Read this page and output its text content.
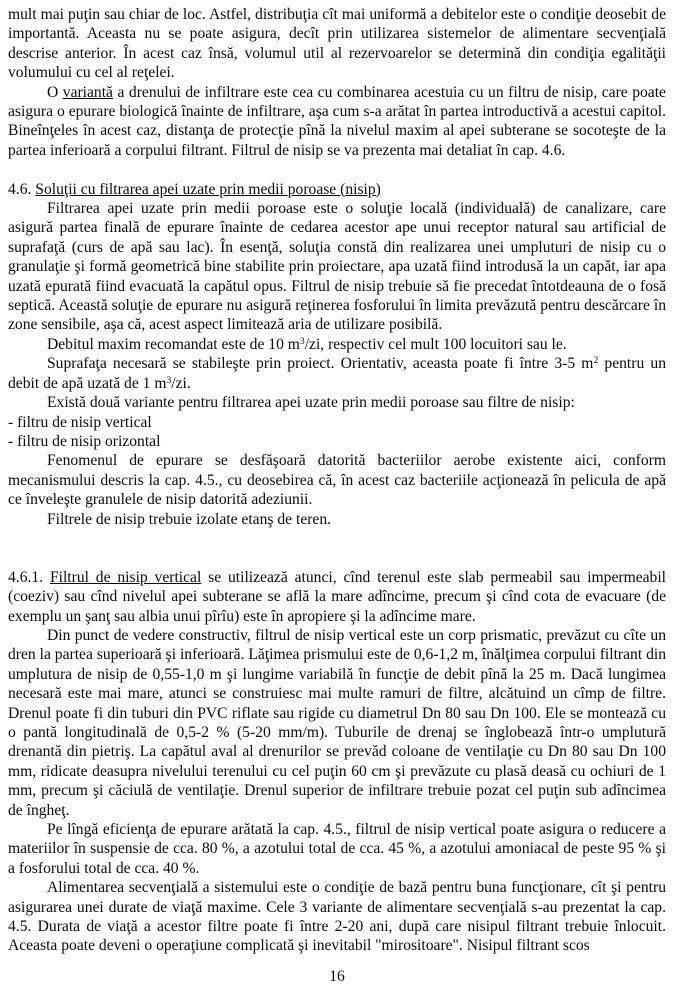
mult mai puţin sau chiar de loc. Astfel, distribuţia cît mai uniformă a debitelor este o condiţie deosebit de importantă. Aceasta nu se poate asigura, decît prin utilizarea sistemelor de alimentare secvenţială descrise anterior. În acest caz însă, volumul util al rezervoarelor se determină din condiţia egalităţii volumului cu cel al reţelei.

O variantă a drenului de infiltrare este cea cu combinarea acestuia cu un filtru de nisip, care poate asigura o epurare biologică înainte de infiltrare, aşa cum s-a arătat în partea introductivă a acestui capitol. Bineînţeles în acest caz, distanţa de protecţie pînă la nivelul maxim al apei subterane se socoteşte de la partea inferioară a corpului filtrant. Filtrul de nisip se va prezenta mai detaliat în cap. 4.6.

4.6. Soluţii cu filtrarea apei uzate prin medii poroase (nisip)

Filtrarea apei uzate prin medii poroase este o soluţie locală (individuală) de canalizare, care asigură partea finală de epurare înainte de cedarea acestor ape unui receptor natural sau artificial de suprafaţă (curs de apă sau lac). În esenţă, soluţia constă din realizarea unei umpluturi de nisip cu o granulaţie şi formă geometrică bine stabilite prin proiectare, apa uzată fiind introdusă la un capăt, iar apa uzată epurată fiind evacuată la capătul opus. Filtrul de nisip trebuie să fie precedat întotdeauna de o fosă septică. Această soluţie de epurare nu asigură reţinerea fosforului în limita prevăzută pentru descărcare în zone sensibile, aşa că, acest aspect limitează aria de utilizare posibilă.

Debitul maxim recomandat este de 10 $m^3/zi$, respectiv cel mult 100 locuitori sau le.

Suprafaţa necesară se stabileşte prin proiect. Orientativ, aceasta poate fi între 3-5 $m^2$ pentru un debit de apă uzată de 1 $m^3/zi$.

Există două variante pentru filtrarea apei uzate prin medii poroase sau filtre de nisip:

- filtru de nisip vertical

- filtru de nisip orizontal

Fenomenul de epurare se desfăşoară datorită bacteriilor aerobe existente aici, conform mecanismului descris la cap. 4.5., cu deosebirea că, în acest caz bacteriile acţionează în pelicula de apă ce înveleşte granulele de nisip datorită adeziunii.

Filtrele de nisip trebuie izolate etanş de teren.

4.6.1. Filtrul de nisip vertical se utilizează atunci, cînd terenul este slab permeabil sau impermeabil (coeziv) sau cînd nivelul apei subterane se află la mare adîncime, precum şi cînd cota de evacuare (de exemplu un şanţ sau albia unui pîrîu) este în apropiere şi la adîncime mare.

Din punct de vedere constructiv, filtrul de nisip vertical este un corp prismatic, prevăzut cu cîte un dren la partea superioară şi inferioară. Lăţimea prismului este de 0,6-1,2 m, înălţimea corpului filtrant din umplutura de nisip de 0,55-1,0 m şi lungime variabilă în funcţie de debit pînă la 25 m. Dacă lungimea necesară este mai mare, atunci se construiesc mai multe ramuri de filtre, alcătuind un cîmp de filtre. Drenul poate fi din tuburi din PVC riflate sau rigide cu diametrul Dn 80 sau Dn 100. Ele se montează cu o pantă longitudinală de 0,5-2 % (5-20 mm/m). Tuburile de drenaj se înglobează într-o umplutură drenantă din pietriş. La capătul aval al drenurilor se prevăd coloane de ventilaţie cu Dn 80 sau Dn 100 mm, ridicate deasupra nivelului terenului cu cel puţin 60 cm şi prevăzute cu plasă deasă cu ochiuri de 1 mm, precum şi căciulă de ventilaţie. Drenul superior de infiltrare trebuie pozat cel puţin sub adîncimea de îngheţ.

Pe lîngă eficienţa de epurare arătată la cap. 4.5., filtrul de nisip vertical poate asigura o reducere a materiilor în suspensie de cca. 80 %, a azotului total de cca. 45 %, a azotului amoniacal de peste 95 % şi a fosforului total de cca. 40 %.

Alimentarea secvenţială a sistemului este o condiţie de bază pentru buna funcţionare, cît şi pentru asigurarea unei durate de viaţă maxime. Cele 3 variante de alimentare secvenţială s-au prezentat la cap. 4.5. Durata de viaţă a acestor filtre poate fi între 2-20 ani, după care nisipul filtrant trebuie înlocuit. Aceasta poate deveni o operaţiune complicată şi inevitabil "mirositoare". Nisipul filtrant scos

16
